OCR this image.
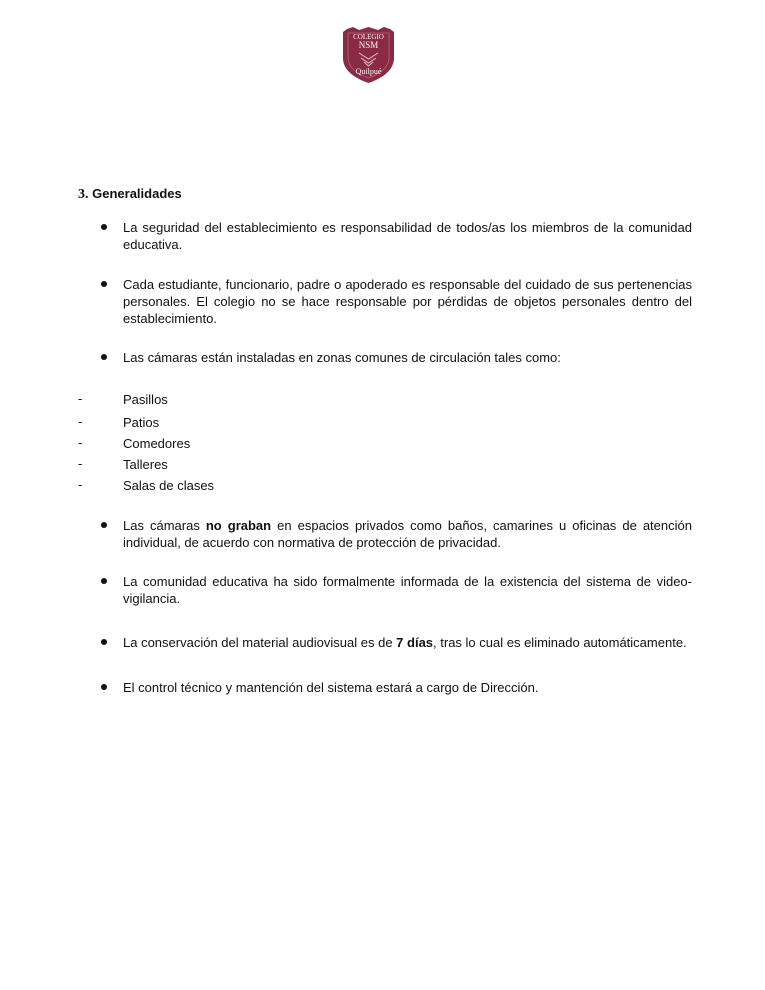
COLEGIO
NSM
Quilpué
3. Generalidades

La seguridad del establecimiento es responsabilidad de todos/as los miembros de la comunidad educativa.

Cada estudiante, funcionario, padre o apoderado es responsable del cuidado de sus pertenencias personales. El colegio no se hace responsable por pérdidas de objetos personales dentro del establecimiento.

Las cámaras están instaladas en zonas comunes de circulación tales como:

-	Pasillos
-	Patios
-	Comedores
-	Talleres
-	Salas de clases

Las cámaras no graban en espacios privados como baños, camarines u oficinas de atención individual, de acuerdo con normativa de protección de privacidad.

La comunidad educativa ha sido formalmente informada de la existencia del sistema de video-vigilancia.

La conservación del material audiovisual es de 7 días, tras lo cual es eliminado automáticamente.

El control técnico y mantención del sistema estará a cargo de Dirección.
